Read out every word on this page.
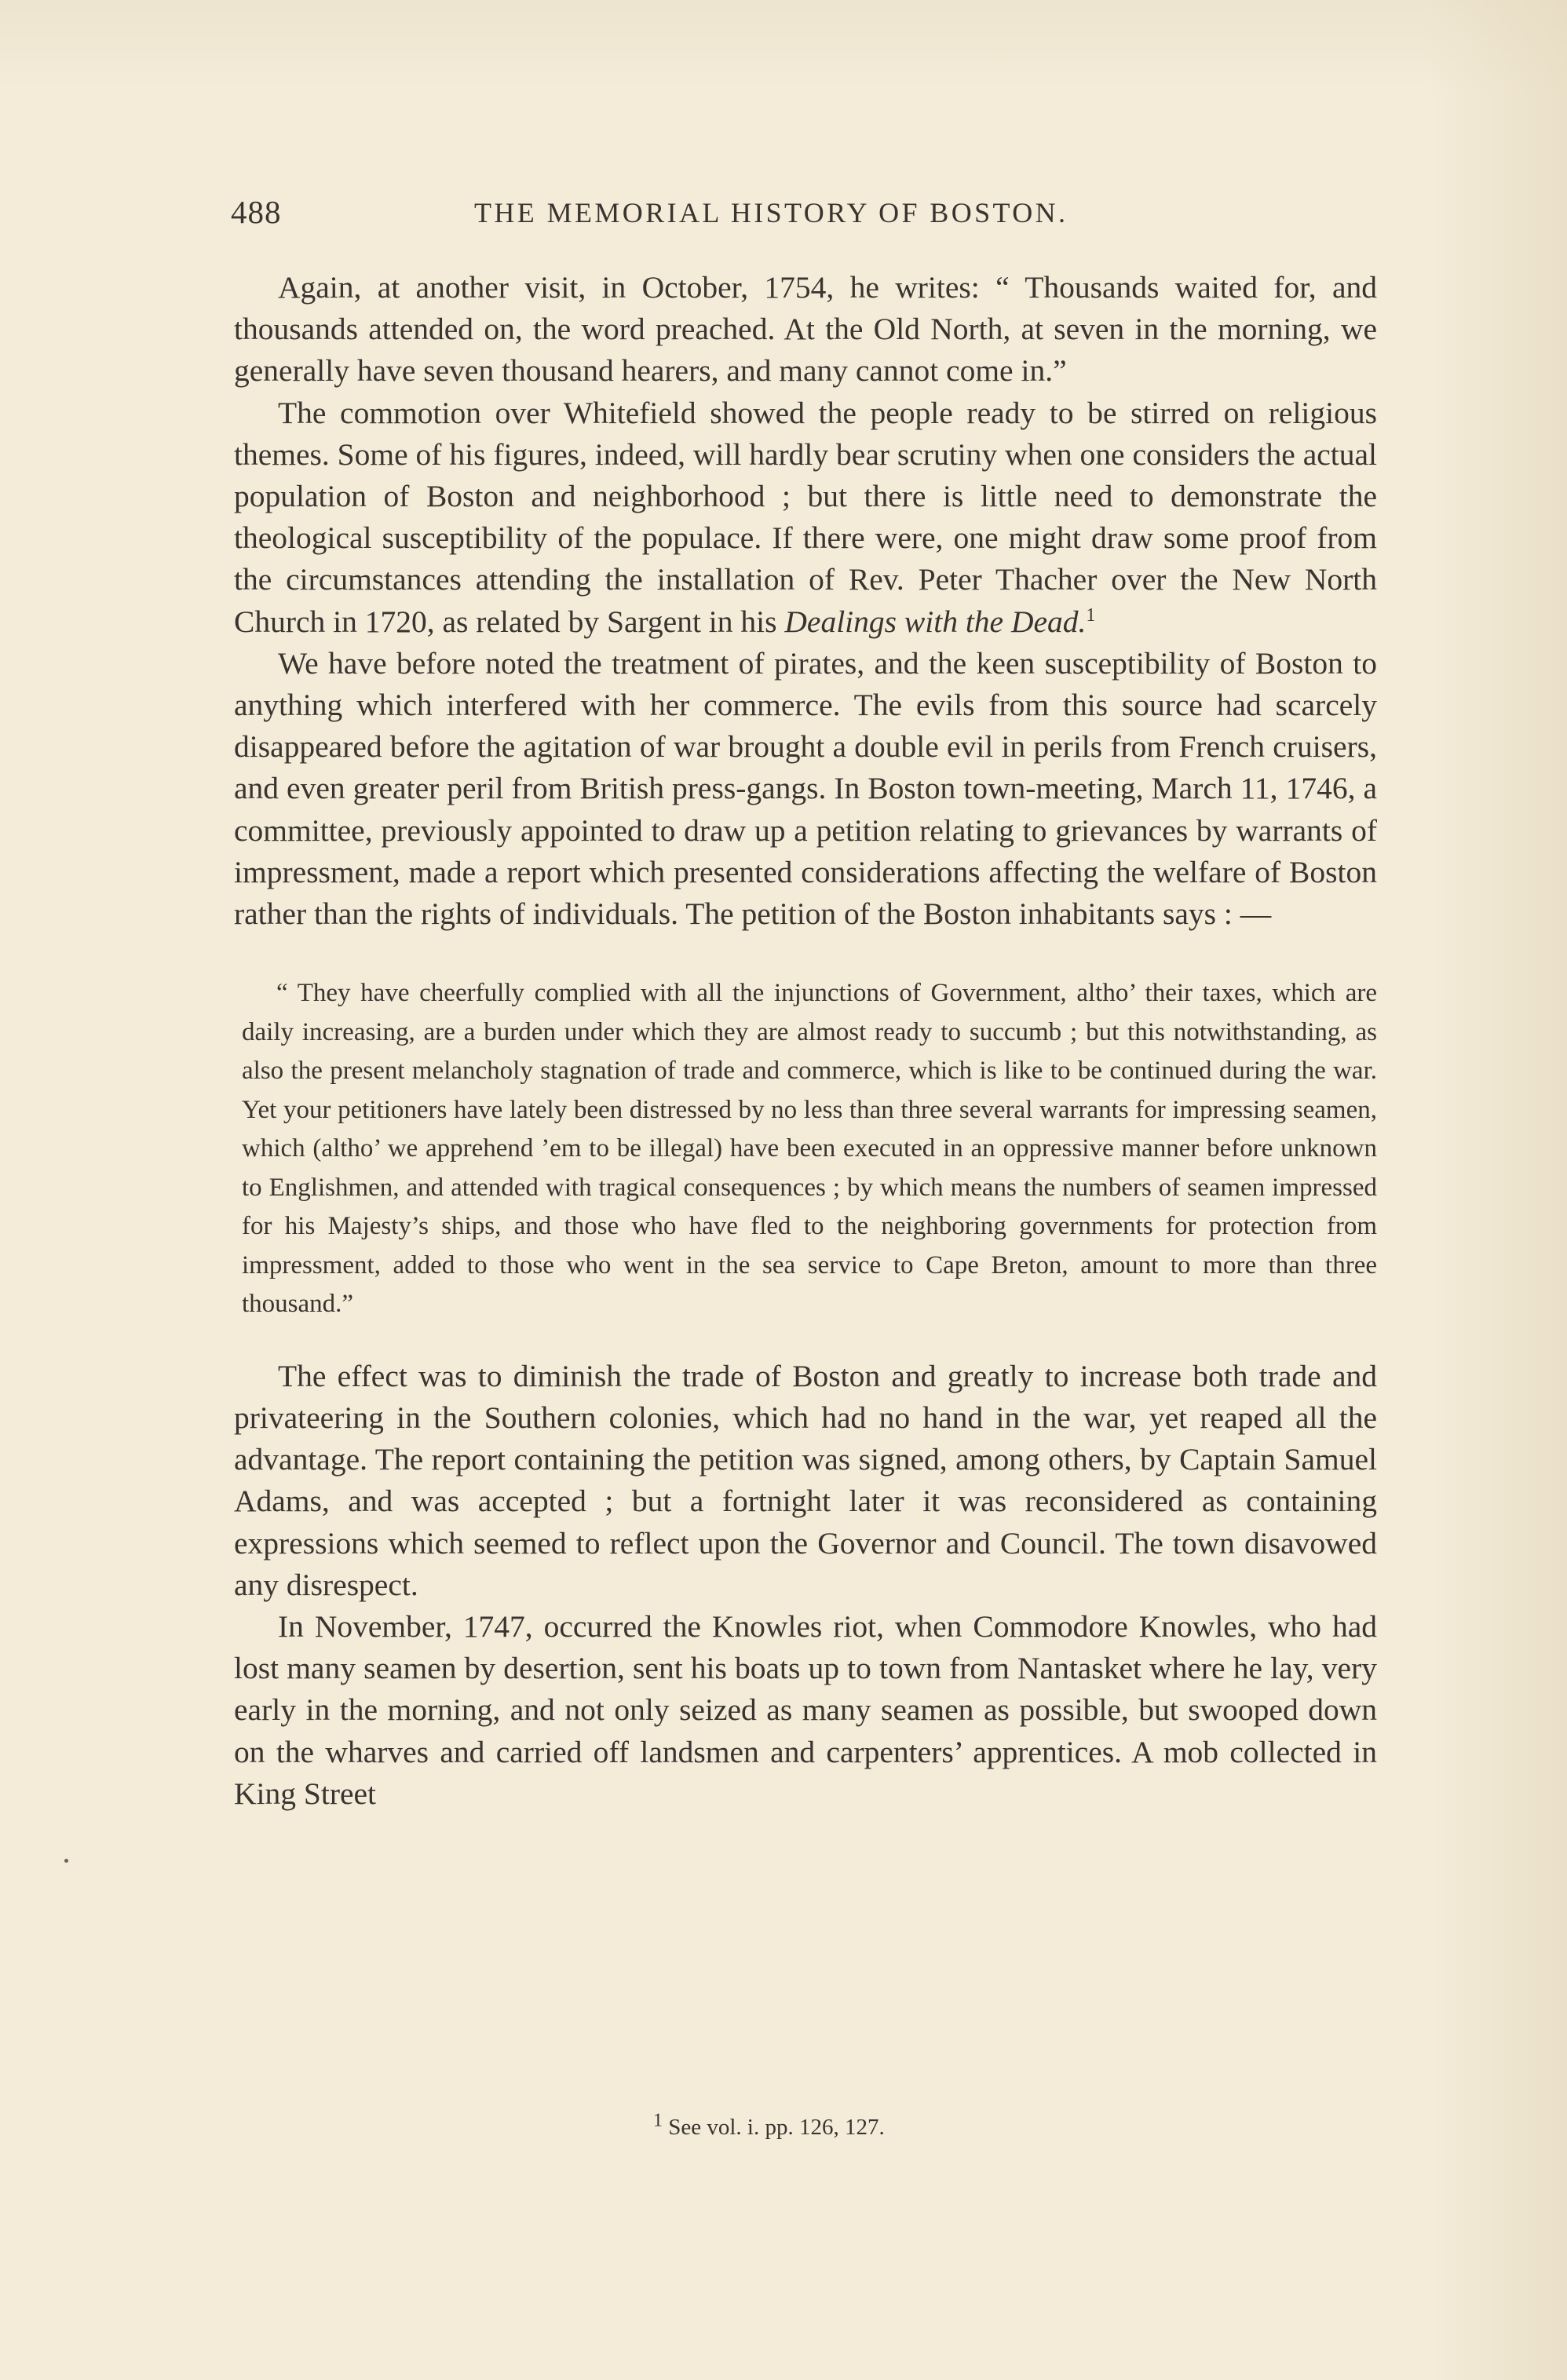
488	THE MEMORIAL HISTORY OF BOSTON.

Again, at another visit, in October, 1754, he writes: “ Thousands waited for, and thousands attended on, the word preached. At the Old North, at seven in the morning, we generally have seven thousand hearers, and many cannot come in.”

The commotion over Whitefield showed the people ready to be stirred on religious themes. Some of his figures, indeed, will hardly bear scrutiny when one considers the actual population of Boston and neighborhood ; but there is little need to demonstrate the theological susceptibility of the populace. If there were, one might draw some proof from the circumstances attending the installation of Rev. Peter Thacher over the New North Church in 1720, as related by Sargent in his Dealings with the Dead.$^1$

We have before noted the treatment of pirates, and the keen susceptibility of Boston to anything which interfered with her commerce. The evils from this source had scarcely disappeared before the agitation of war brought a double evil in perils from French cruisers, and even greater peril from British press-gangs. In Boston town-meeting, March 11, 1746, a committee, previously appointed to draw up a petition relating to grievances by warrants of impressment, made a report which presented considerations affecting the welfare of Boston rather than the rights of individuals. The petition of the Boston inhabitants says : —

“ They have cheerfully complied with all the injunctions of Government, altho’ their taxes, which are daily increasing, are a burden under which they are almost ready to succumb ; but this notwithstanding, as also the present melancholy stagnation of trade and commerce, which is like to be continued during the war. Yet your petitioners have lately been distressed by no less than three several warrants for impressing seamen, which (altho’ we apprehend ’em to be illegal) have been executed in an oppressive manner before unknown to Englishmen, and attended with tragical consequences ; by which means the numbers of seamen impressed for his Majesty’s ships, and those who have fled to the neighboring governments for protection from impressment, added to those who went in the sea service to Cape Breton, amount to more than three thousand.”

The effect was to diminish the trade of Boston and greatly to increase both trade and privateering in the Southern colonies, which had no hand in the war, yet reaped all the advantage. The report containing the petition was signed, among others, by Captain Samuel Adams, and was accepted ; but a fortnight later it was reconsidered as containing expressions which seemed to reflect upon the Governor and Council. The town disavowed any disrespect.

In November, 1747, occurred the Knowles riot, when Commodore Knowles, who had lost many seamen by desertion, sent his boats up to town from Nantasket where he lay, very early in the morning, and not only seized as many seamen as possible, but swooped down on the wharves and carried off landsmen and carpenters’ apprentices. A mob collected in King Street

$^1$ See vol. i. pp. 126, 127.
